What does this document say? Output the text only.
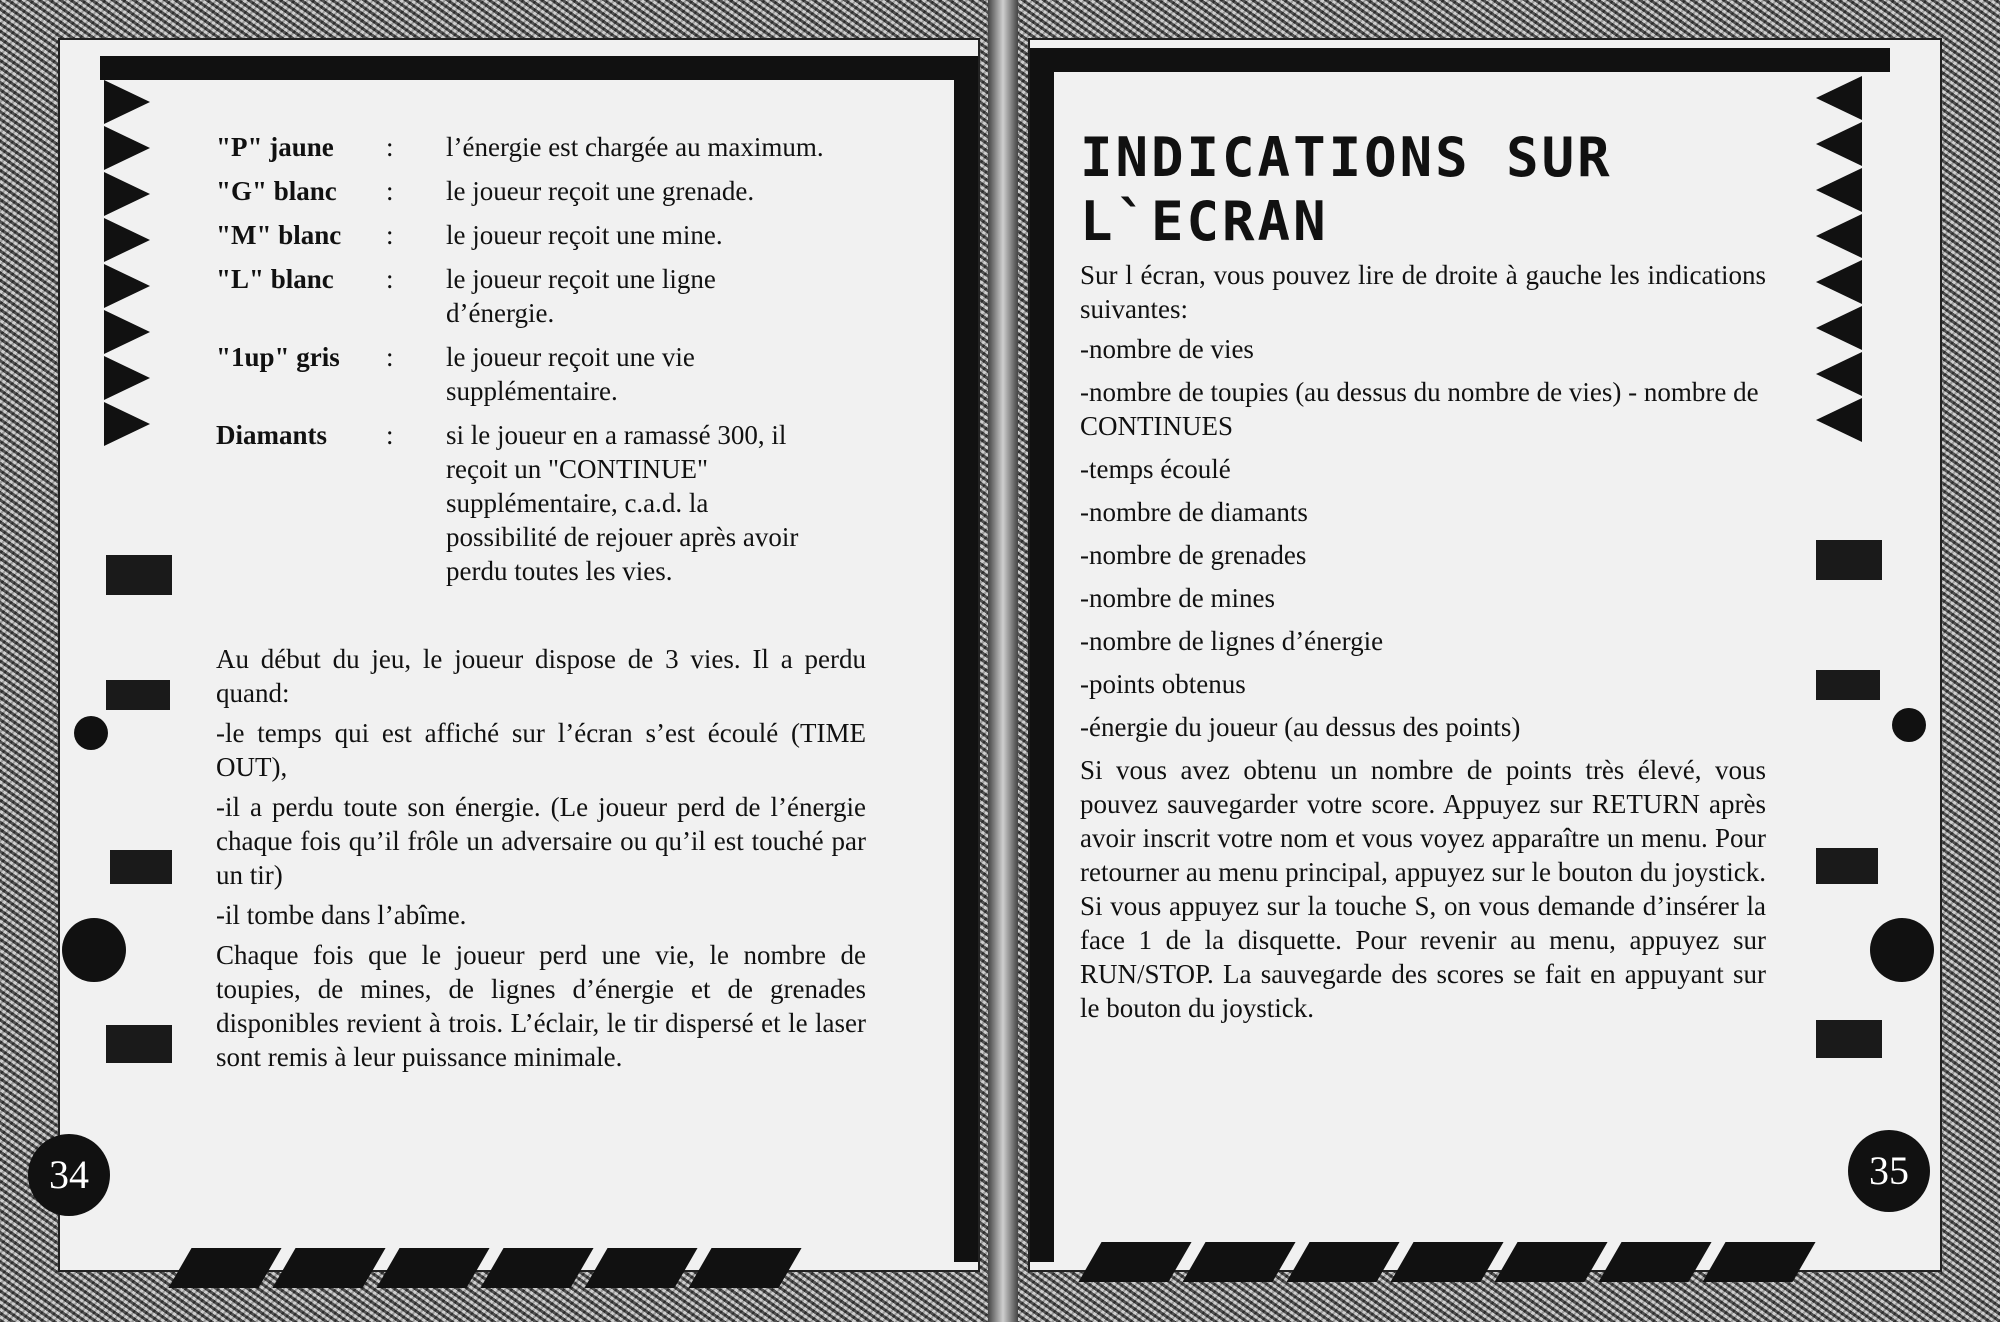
34
"P" jaune	:	l’énergie est chargée au maximum.
"G" blanc	:	le joueur reçoit une grenade.
"M" blanc	:	le joueur reçoit une mine.
"L" blanc	:	le joueur reçoit une ligne d’énergie.
"1up" gris	:	le joueur reçoit une vie supplémentaire.
Diamants	:	si le joueur en a ramassé 300, il reçoit un "CONTINUE" supplémentaire, c.a.d. la possibilité de rejouer après avoir perdu toutes les vies.

Au début du jeu, le joueur dispose de 3 vies. Il a perdu quand:

-le temps qui est affiché sur l’écran s’est écoulé (TIME OUT),

-il a perdu toute son énergie. (Le joueur perd de l’énergie chaque fois qu’il frôle un adversaire ou qu’il est touché par un tir)

-il tombe dans l’abîme.

Chaque fois que le joueur perd une vie, le nombre de toupies, de mines, de lignes d’énergie et de grenades disponibles revient à trois. L’éclair, le tir dispersé et le laser sont remis à leur puissance minimale.

35
INDICATIONS SUR
L`ECRAN

Sur l écran, vous pouvez lire de droite à gauche les indications suivantes:

-nombre de vies
-nombre de toupies (au dessus du nombre de vies) - nombre de CONTINUES
-temps écoulé
-nombre de diamants
-nombre de grenades
-nombre de mines
-nombre de lignes d’énergie
-points obtenus
-énergie du joueur (au dessus des points)

Si vous avez obtenu un nombre de points très élevé, vous pouvez sauvegarder votre score. Appuyez sur RETURN après avoir inscrit votre nom et vous voyez apparaître un menu. Pour retourner au menu principal, appuyez sur le bouton du joystick. Si vous appuyez sur la touche S, on vous demande d’insérer la face 1 de la disquette. Pour revenir au menu, appuyez sur RUN/STOP. La sauvegarde des scores se fait en appuyant sur le bouton du joystick.
